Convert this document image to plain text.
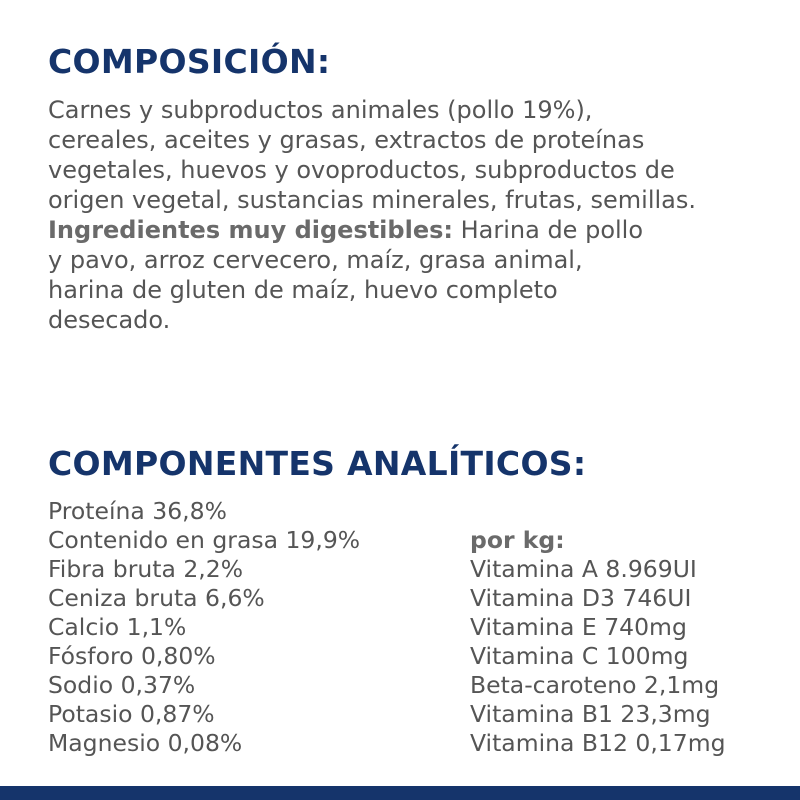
COMPOSICIÓN:
Carnes y subproductos animales (pollo 19%),
cereales, aceites y grasas, extractos de proteínas
vegetales, huevos y ovoproductos, subproductos de
origen vegetal, sustancias minerales, frutas, semillas.
Ingredientes muy digestibles: Harina de pollo
y pavo, arroz cervecero, maíz, grasa animal,
harina de gluten de maíz, huevo completo
desecado.
COMPONENTES ANALÍTICOS:
Proteína 36,8%
Contenido en grasa 19,9%
Fibra bruta 2,2%
Ceniza bruta 6,6%
Calcio 1,1%
Fósforo 0,80%
Sodio 0,37%
Potasio 0,87%
Magnesio 0,08%
por kg:
Vitamina A 8.969UI
Vitamina D3 746UI
Vitamina E 740mg
Vitamina C 100mg
Beta-caroteno 2,1mg
Vitamina B1 23,3mg
Vitamina B12 0,17mg
